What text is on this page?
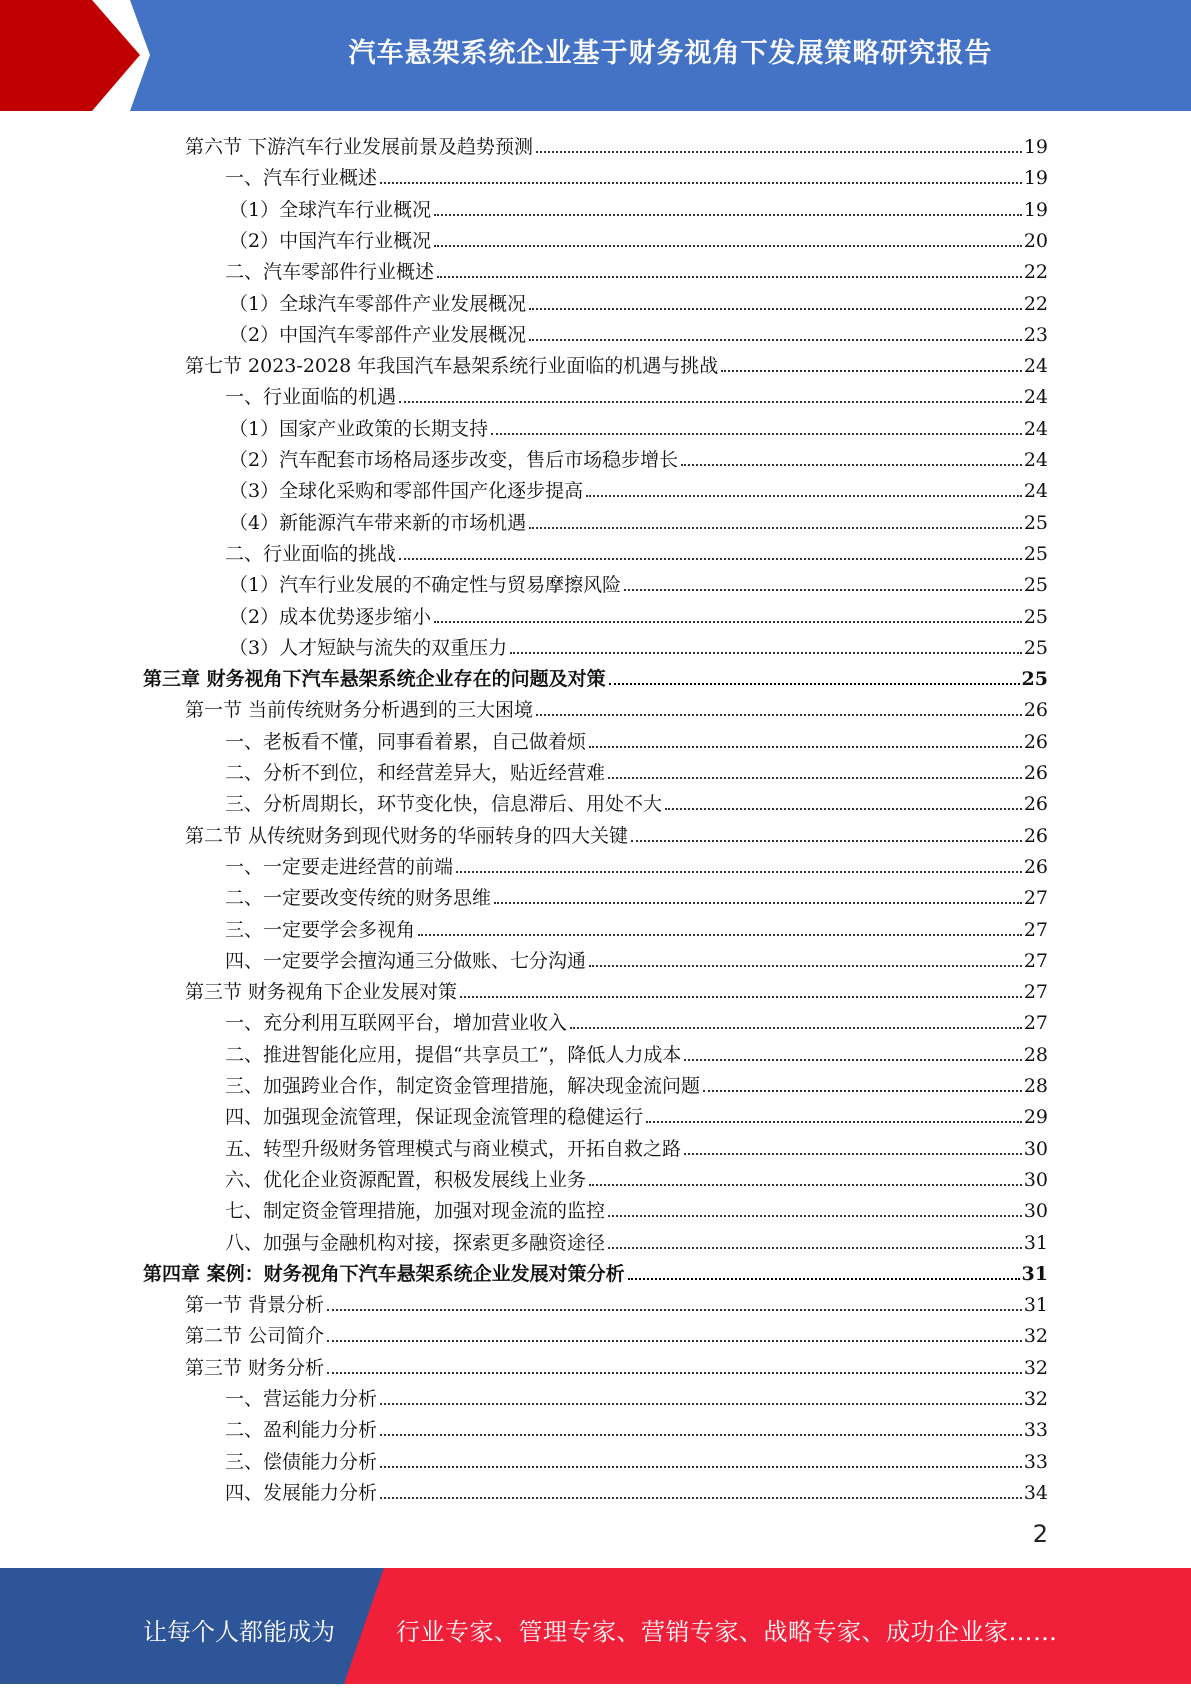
汽车悬架系统企业基于财务视角下发展策略研究报告
第六节 下游汽车行业发展前景及趋势预测	19
一、汽车行业概述	19
（1）全球汽车行业概况	19
（2）中国汽车行业概况	20
二、汽车零部件行业概述	22
（1）全球汽车零部件产业发展概况	22
（2）中国汽车零部件产业发展概况	23
第七节 2023-2028 年我国汽车悬架系统行业面临的机遇与挑战	24
一、行业面临的机遇	24
（1）国家产业政策的长期支持	24
（2）汽车配套市场格局逐步改变，售后市场稳步增长	24
（3）全球化采购和零部件国产化逐步提高	24
（4）新能源汽车带来新的市场机遇	25
二、行业面临的挑战	25
（1）汽车行业发展的不确定性与贸易摩擦风险	25
（2）成本优势逐步缩小	25
（3）人才短缺与流失的双重压力	25
第三章 财务视角下汽车悬架系统企业存在的问题及对策	25
第一节 当前传统财务分析遇到的三大困境	26
一、老板看不懂，同事看着累，自己做着烦	26
二、分析不到位，和经营差异大，贴近经营难	26
三、分析周期长，环节变化快，信息滞后、用处不大	26
第二节 从传统财务到现代财务的华丽转身的四大关键	26
一、一定要走进经营的前端	26
二、一定要改变传统的财务思维	27
三、一定要学会多视角	27
四、一定要学会擅沟通三分做账、七分沟通	27
第三节 财务视角下企业发展对策	27
一、充分利用互联网平台，增加营业收入	27
二、推进智能化应用，提倡“共享员工”，降低人力成本	28
三、加强跨业合作，制定资金管理措施，解决现金流问题	28
四、加强现金流管理，保证现金流管理的稳健运行	29
五、转型升级财务管理模式与商业模式，开拓自救之路	30
六、优化企业资源配置，积极发展线上业务	30
七、制定资金管理措施，加强对现金流的监控	30
八、加强与金融机构对接，探索更多融资途径	31
第四章 案例：财务视角下汽车悬架系统企业发展对策分析	31
第一节 背景分析	31
第二节 公司简介	32
第三节 财务分析	32
一、营运能力分析	32
二、盈利能力分析	33
三、偿债能力分析	33
四、发展能力分析	34
2
让每个人都能成为	行业专家、管理专家、营销专家、战略专家、成功企业家……
